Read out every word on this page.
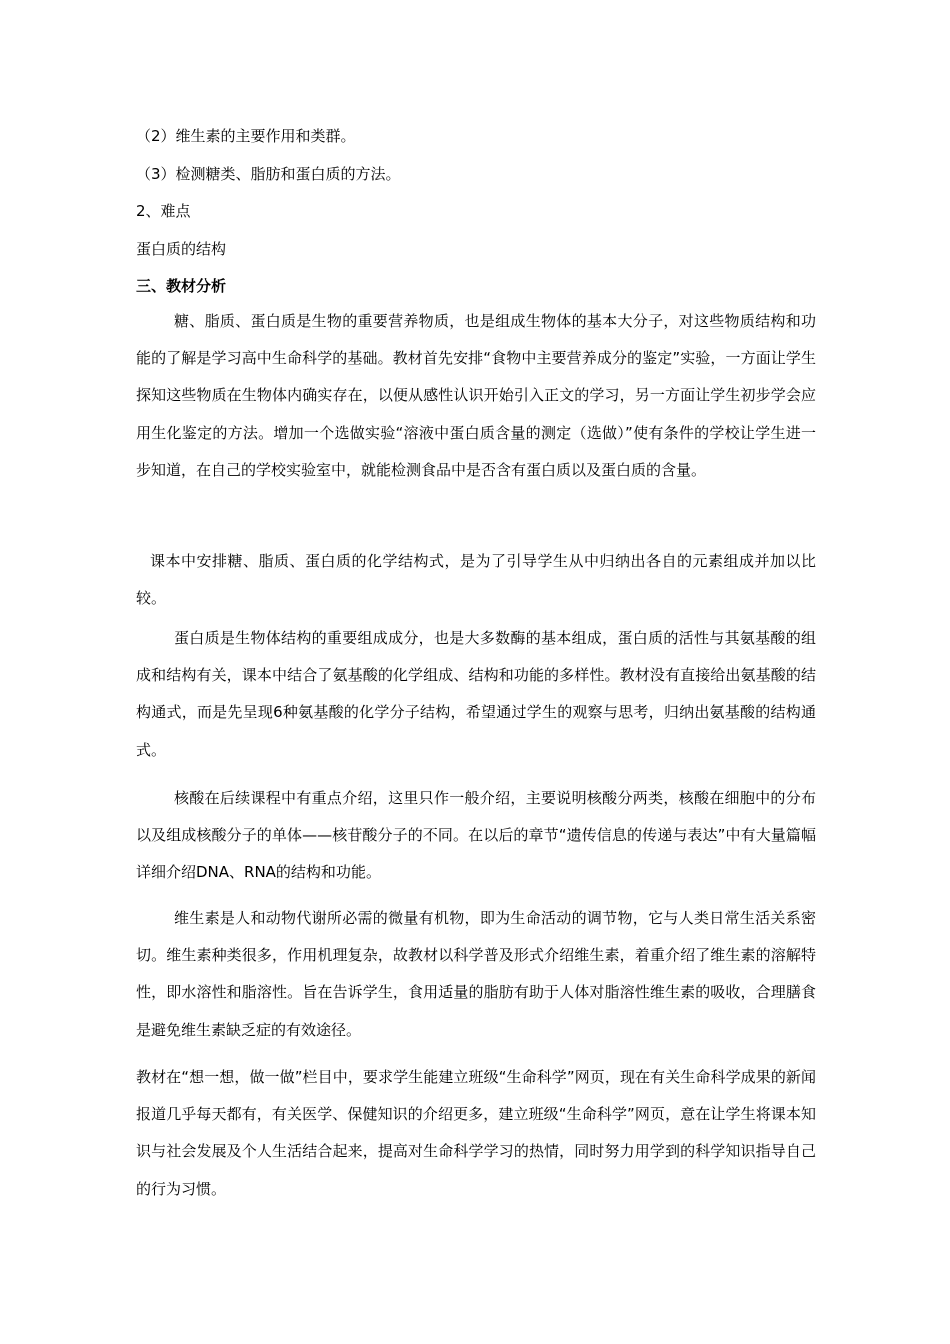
（2）维生素的主要作用和类群。
（3）检测糖类、脂肪和蛋白质的方法。
2、难点
蛋白质的结构
三、教材分析

糖、脂质、蛋白质是生物的重要营养物质，也是组成生物体的基本大分子，对这些物质结构和功能的了解是学习高中生命科学的基础。教材首先安排“食物中主要营养成分的鉴定”实验，一方面让学生探知这些物质在生物体内确实存在，以便从感性认识开始引入正文的学习，另一方面让学生初步学会应用生化鉴定的方法。增加一个选做实验“溶液中蛋白质含量的测定（选做）”使有条件的学校让学生进一步知道，在自己的学校实验室中，就能检测食品中是否含有蛋白质以及蛋白质的含量。

课本中安排糖、脂质、蛋白质的化学结构式，是为了引导学生从中归纳出各自的元素组成并加以比较。

蛋白质是生物体结构的重要组成成分，也是大多数酶的基本组成，蛋白质的活性与其氨基酸的组成和结构有关，课本中结合了氨基酸的化学组成、结构和功能的多样性。教材没有直接给出氨基酸的结构通式，而是先呈现6种氨基酸的化学分子结构，希望通过学生的观察与思考，归纳出氨基酸的结构通式。

核酸在后续课程中有重点介绍，这里只作一般介绍，主要说明核酸分两类，核酸在细胞中的分布以及组成核酸分子的单体——核苷酸分子的不同。在以后的章节“遗传信息的传递与表达”中有大量篇幅详细介绍DNA、RNA的结构和功能。

维生素是人和动物代谢所必需的微量有机物，即为生命活动的调节物，它与人类日常生活关系密切。维生素种类很多，作用机理复杂，故教材以科学普及形式介绍维生素，着重介绍了维生素的溶解特性，即水溶性和脂溶性。旨在告诉学生，食用适量的脂肪有助于人体对脂溶性维生素的吸收，合理膳食是避免维生素缺乏症的有效途径。

教材在“想一想，做一做”栏目中，要求学生能建立班级“生命科学”网页，现在有关生命科学成果的新闻报道几乎每天都有，有关医学、保健知识的介绍更多，建立班级“生命科学”网页，意在让学生将课本知识与社会发展及个人生活结合起来，提高对生命科学学习的热情，同时努力用学到的科学知识指导自己的行为习惯。
